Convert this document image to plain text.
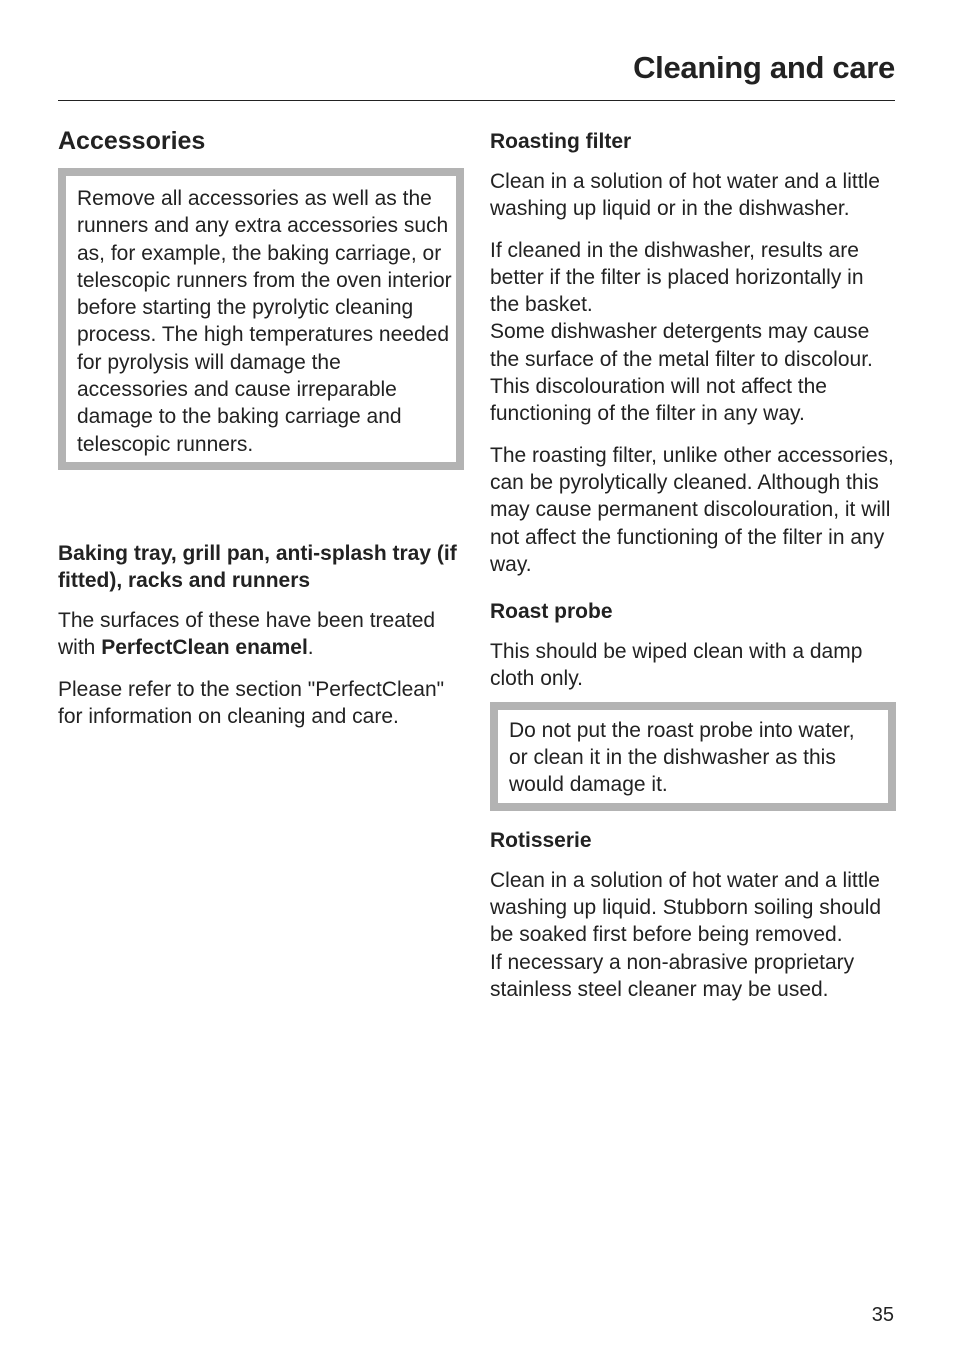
Cleaning and care
Accessories

Remove all accessories as well as the runners and any extra accessories such as, for example, the baking carriage, or telescopic runners from the oven interior before starting the pyrolytic cleaning process. The high temperatures needed for pyrolysis will damage the accessories and cause irreparable damage to the baking carriage and telescopic runners.

Baking tray, grill pan, anti-splash tray (if fitted), racks and runners

The surfaces of these have been treated with PerfectClean enamel.

Please refer to the section "PerfectClean" for information on cleaning and care.

Roasting filter

Clean in a solution of hot water and a little washing up liquid or in the dishwasher.

If cleaned in the dishwasher, results are better if the filter is placed horizontally in the basket.

Some dishwasher detergents may cause the surface of the metal filter to discolour. This discolouration will not affect the functioning of the filter in any way.

The roasting filter, unlike other accessories, can be pyrolytically cleaned. Although this may cause permanent discolouration, it will not affect the functioning of the filter in any way.

Roast probe

This should be wiped clean with a damp cloth only.

Do not put the roast probe into water, or clean it in the dishwasher as this would damage it.

Rotisserie

Clean in a solution of hot water and a little washing up liquid. Stubborn soiling should be soaked first before being removed.

If necessary a non-abrasive proprietary stainless steel cleaner may be used.

35
